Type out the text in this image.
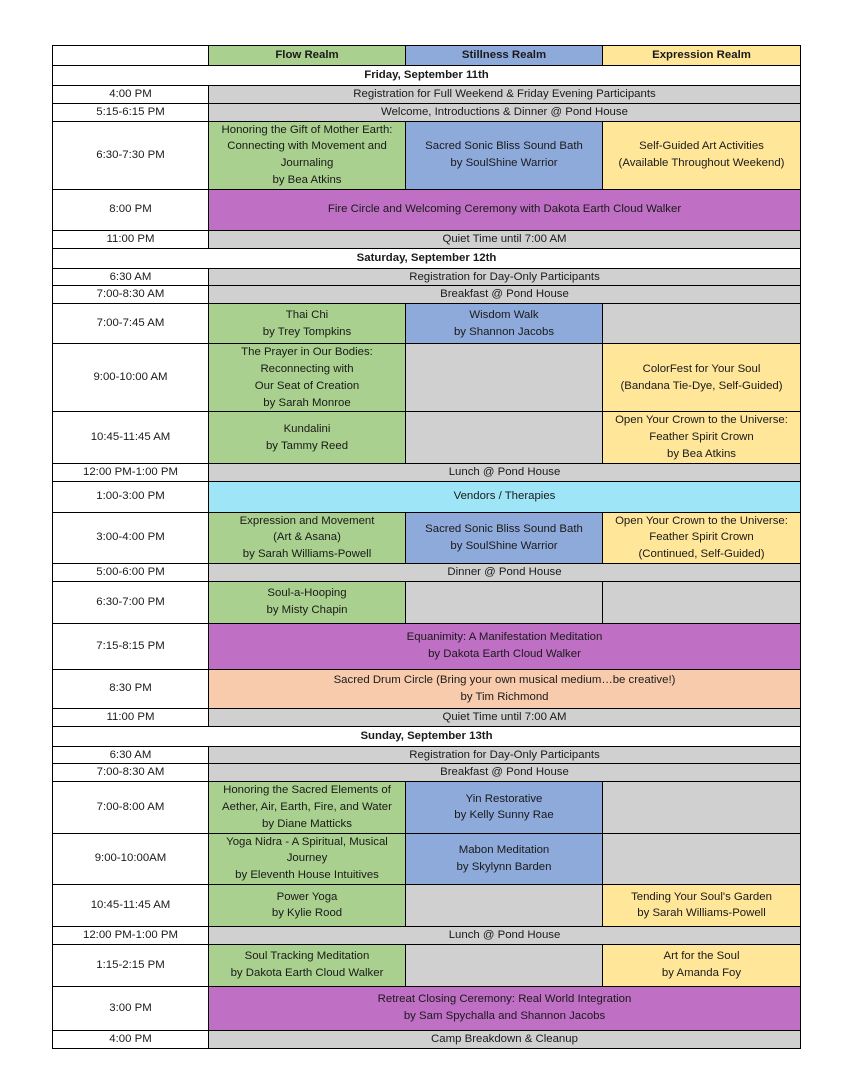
	Flow Realm	Stillness Realm	Expression Realm
Friday, September 11th			
4:00 PM	Registration for Full Weekend & Friday Evening Participants		
5:15-6:15 PM	Welcome, Introductions & Dinner @ Pond House		
6:30-7:30 PM	Honoring the Gift of Mother Earth:
Connecting with Movement and
Journaling
by Bea Atkins	Sacred Sonic Bliss Sound Bath
by SoulShine Warrior	Self-Guided Art Activities
(Available Throughout Weekend)

8:00 PM	Fire Circle and Welcoming Ceremony with Dakota Earth Cloud Walker		
11:00 PM	Quiet Time until 7:00 AM		
Saturday, September 12th			
6:30 AM	Registration for Day-Only Participants		
7:00-8:30 AM	Breakfast @ Pond House		
7:00-7:45 AM	Thai Chi
by Trey Tompkins	Wisdom Walk
by Shannon Jacobs	

9:00-10:00 AM	The Prayer in Our Bodies:
Reconnecting with
Our Seat of Creation
by Sarah Monroe		ColorFest for Your Soul
(Bandana Tie-Dye, Self-Guided)

10:45-11:45 AM	Kundalini
by Tammy Reed		Open Your Crown to the Universe:
Feather Spirit Crown
by Bea Atkins

12:00 PM-1:00 PM	Lunch @ Pond House		
1:00-3:00 PM	Vendors / Therapies		
3:00-4:00 PM	Expression and Movement
(Art & Asana)
by Sarah Williams-Powell	Sacred Sonic Bliss Sound Bath
by SoulShine Warrior	Open Your Crown to the Universe:
Feather Spirit Crown
(Continued, Self-Guided)

5:00-6:00 PM	Dinner @ Pond House		
6:30-7:00 PM	Soul-a-Hooping
by Misty Chapin		

7:15-8:15 PM	Equanimity: A Manifestation Meditation
by Dakota Earth Cloud Walker		

8:30 PM	Sacred Drum Circle (Bring your own musical medium…be creative!)
by Tim Richmond		

11:00 PM	Quiet Time until 7:00 AM		
Sunday, September 13th			
6:30 AM	Registration for Day-Only Participants		
7:00-8:30 AM	Breakfast @ Pond House		
7:00-8:00 AM	Honoring the Sacred Elements of
Aether, Air, Earth, Fire, and Water
by Diane Matticks	Yin Restorative
by Kelly Sunny Rae	

9:00-10:00AM	Yoga Nidra - A Spiritual, Musical
Journey
by Eleventh House Intuitives	Mabon Meditation
by Skylynn Barden	

10:45-11:45 AM	Power Yoga
by Kylie Rood		Tending Your Soul's Garden
by Sarah Williams-Powell

12:00 PM-1:00 PM	Lunch @ Pond House		
1:15-2:15 PM	Soul Tracking Meditation
by Dakota Earth Cloud Walker		Art for the Soul
by Amanda Foy

3:00 PM	Retreat Closing Ceremony: Real World Integration
by Sam Spychalla and Shannon Jacobs		

4:00 PM	Camp Breakdown & Cleanup		
